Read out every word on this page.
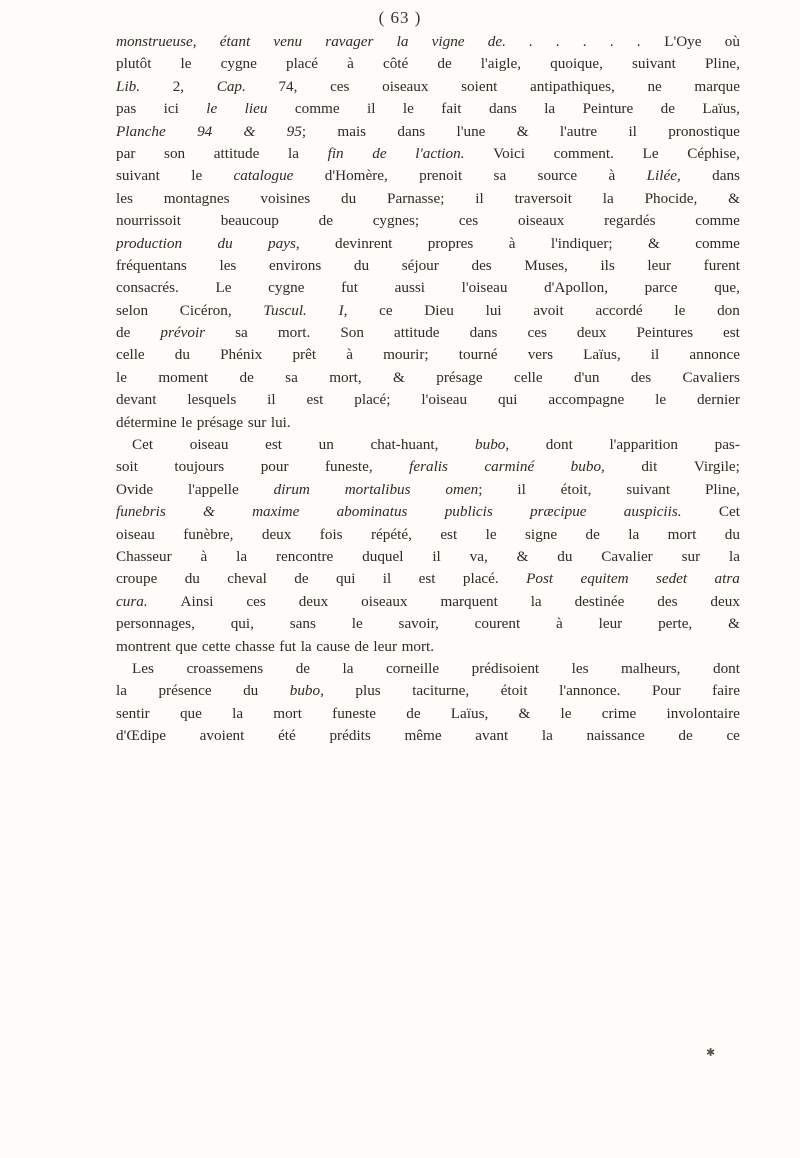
( 63 )
monstrueuse, étant venu ravager la vigne de. . . . . . L'Oye où
plutôt le cygne placé à côté de l'aigle, quoique, suivant Pline,
Lib. 2, Cap. 74, ces oiseaux soient antipathiques, ne marque
pas ici le lieu comme il le fait dans la Peinture de Laïus,
Planche 94 & 95; mais dans l'une & l'autre il pronostique
par son attitude la fin de l'action. Voici comment. Le Céphise,
suivant le catalogue d'Homère, prenoit sa source à Lilée, dans
les montagnes voisines du Parnasse; il traversoit la Phocide, &
nourrissoit	beaucoup	de	cygnes;	ces	oiseaux	regardés	comme
production du pays, devinrent propres à l'indiquer; & comme
fréquentans les environs du séjour des Muses, ils leur furent
consacrés. Le cygne fut aussi l'oiseau d'Apollon, parce que,
selon Cicéron, Tuscul. I, ce Dieu lui avoit accordé le don
de prévoir sa mort. Son attitude dans ces deux Peintures est
celle du Phénix prêt à mourir; tourné vers Laïus, il annonce
le moment de sa mort, & présage celle d'un des Cavaliers
devant lesquels il est placé; l'oiseau qui accompagne le dernier
détermine le présage sur lui.
Cet oiseau est un chat-huant, bubo, dont l'apparition pas-
soit toujours pour funeste, feralis carminé bubo, dit Virgile;
Ovide l'appelle dirum mortalibus omen; il étoit, suivant Pline,
funebris & maxime abominatus publicis præcipue auspiciis. Cet
oiseau funèbre, deux fois répété, est le signe de la mort du
Chasseur à la rencontre duquel il va, & du Cavalier sur la
croupe du cheval de qui il est placé. Post equitem sedet atra
cura. Ainsi ces deux oiseaux marquent la destinée des deux
personnages, qui, sans le savoir, courent à leur perte, &
montrent que cette chasse fut la cause de leur mort.
Les croassemens de la corneille prédisoient les malheurs, dont
la présence du bubo, plus taciturne, étoit l'annonce. Pour faire
sentir que la mort funeste de Laïus, & le crime involontaire
d'Œdipe avoient été prédits même avant la naissance de ce
✱
